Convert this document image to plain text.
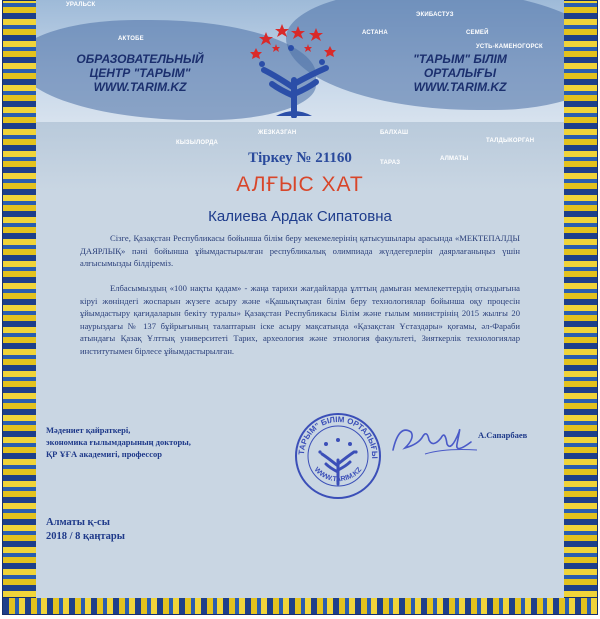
УРАЛЬСК
АКТОБЕ
АСТАНА
ЭКИБАСТУЗ
СЕМЕЙ
УСТЬ-КАМЕНОГОРСК
ОБРАЗОВАТЕЛЬНЫЙ
ЦЕНТР "ТАРЫМ"
WWW.TARIM.KZ
"ТАРЫМ" БІЛІМ
ОРТАЛЫҒЫ
WWW.TARIM.KZ
ЖЕЗКАЗГАН	БАЛХАШ
ТАЛДЫКОРГАН
ТАРАЗ
АЛМАТЫ
КЫЗЫЛОРДА
Тіркеу № 21160
АЛҒЫС ХАТ
Калиева Ардак Сипатовна
Сізге, Қазақстан Республикасы бойынша білім беру мекемелерінің қатысушылары арасында «МЕКТЕПАЛДЫ ДАЯРЛЫҚ» пәні бойынша ұйымдастырылған республикалық олимпиада жүлдегерлерін даярлағаныңыз үшін алғысымызды білдіреміз.
Елбасымыздың «100 нақты қадам» - жаңа тарихи жағдайларда ұлттың дамыған мемлекеттердің отыздығына кіруі жөніндегі жоспарын жүзеге асыру және «Қашықтықтан білім беру технологиялар бойынша оқу процесін ұйымдастыру қағидаларын бекіту туралы» Қазақстан Республикасы Білім және ғылым министрінің 2015 жылғы 20 наурыздағы № 137 бұйрығының талаптарын іске асыру мақсатында «Қазақстан Ұстаздары» қоғамы, әл-Фараби атындағы Қазақ Ұлттық университеті Тарих, археология және этнология факультеті, Зияткерлік технологиялар институтымен бірлесе ұйымдастырылған.
Мәдениет қайраткері,
экономика ғылымдарының докторы,
ҚР ҰҒА академигі, профессор	ТАРЫМ" БІЛІМ ОРТАЛЫҒЫ
WWW.TARIM.KZ
А.Сапарбаев
Алматы қ-сы
2018 / 8 қаңтары
